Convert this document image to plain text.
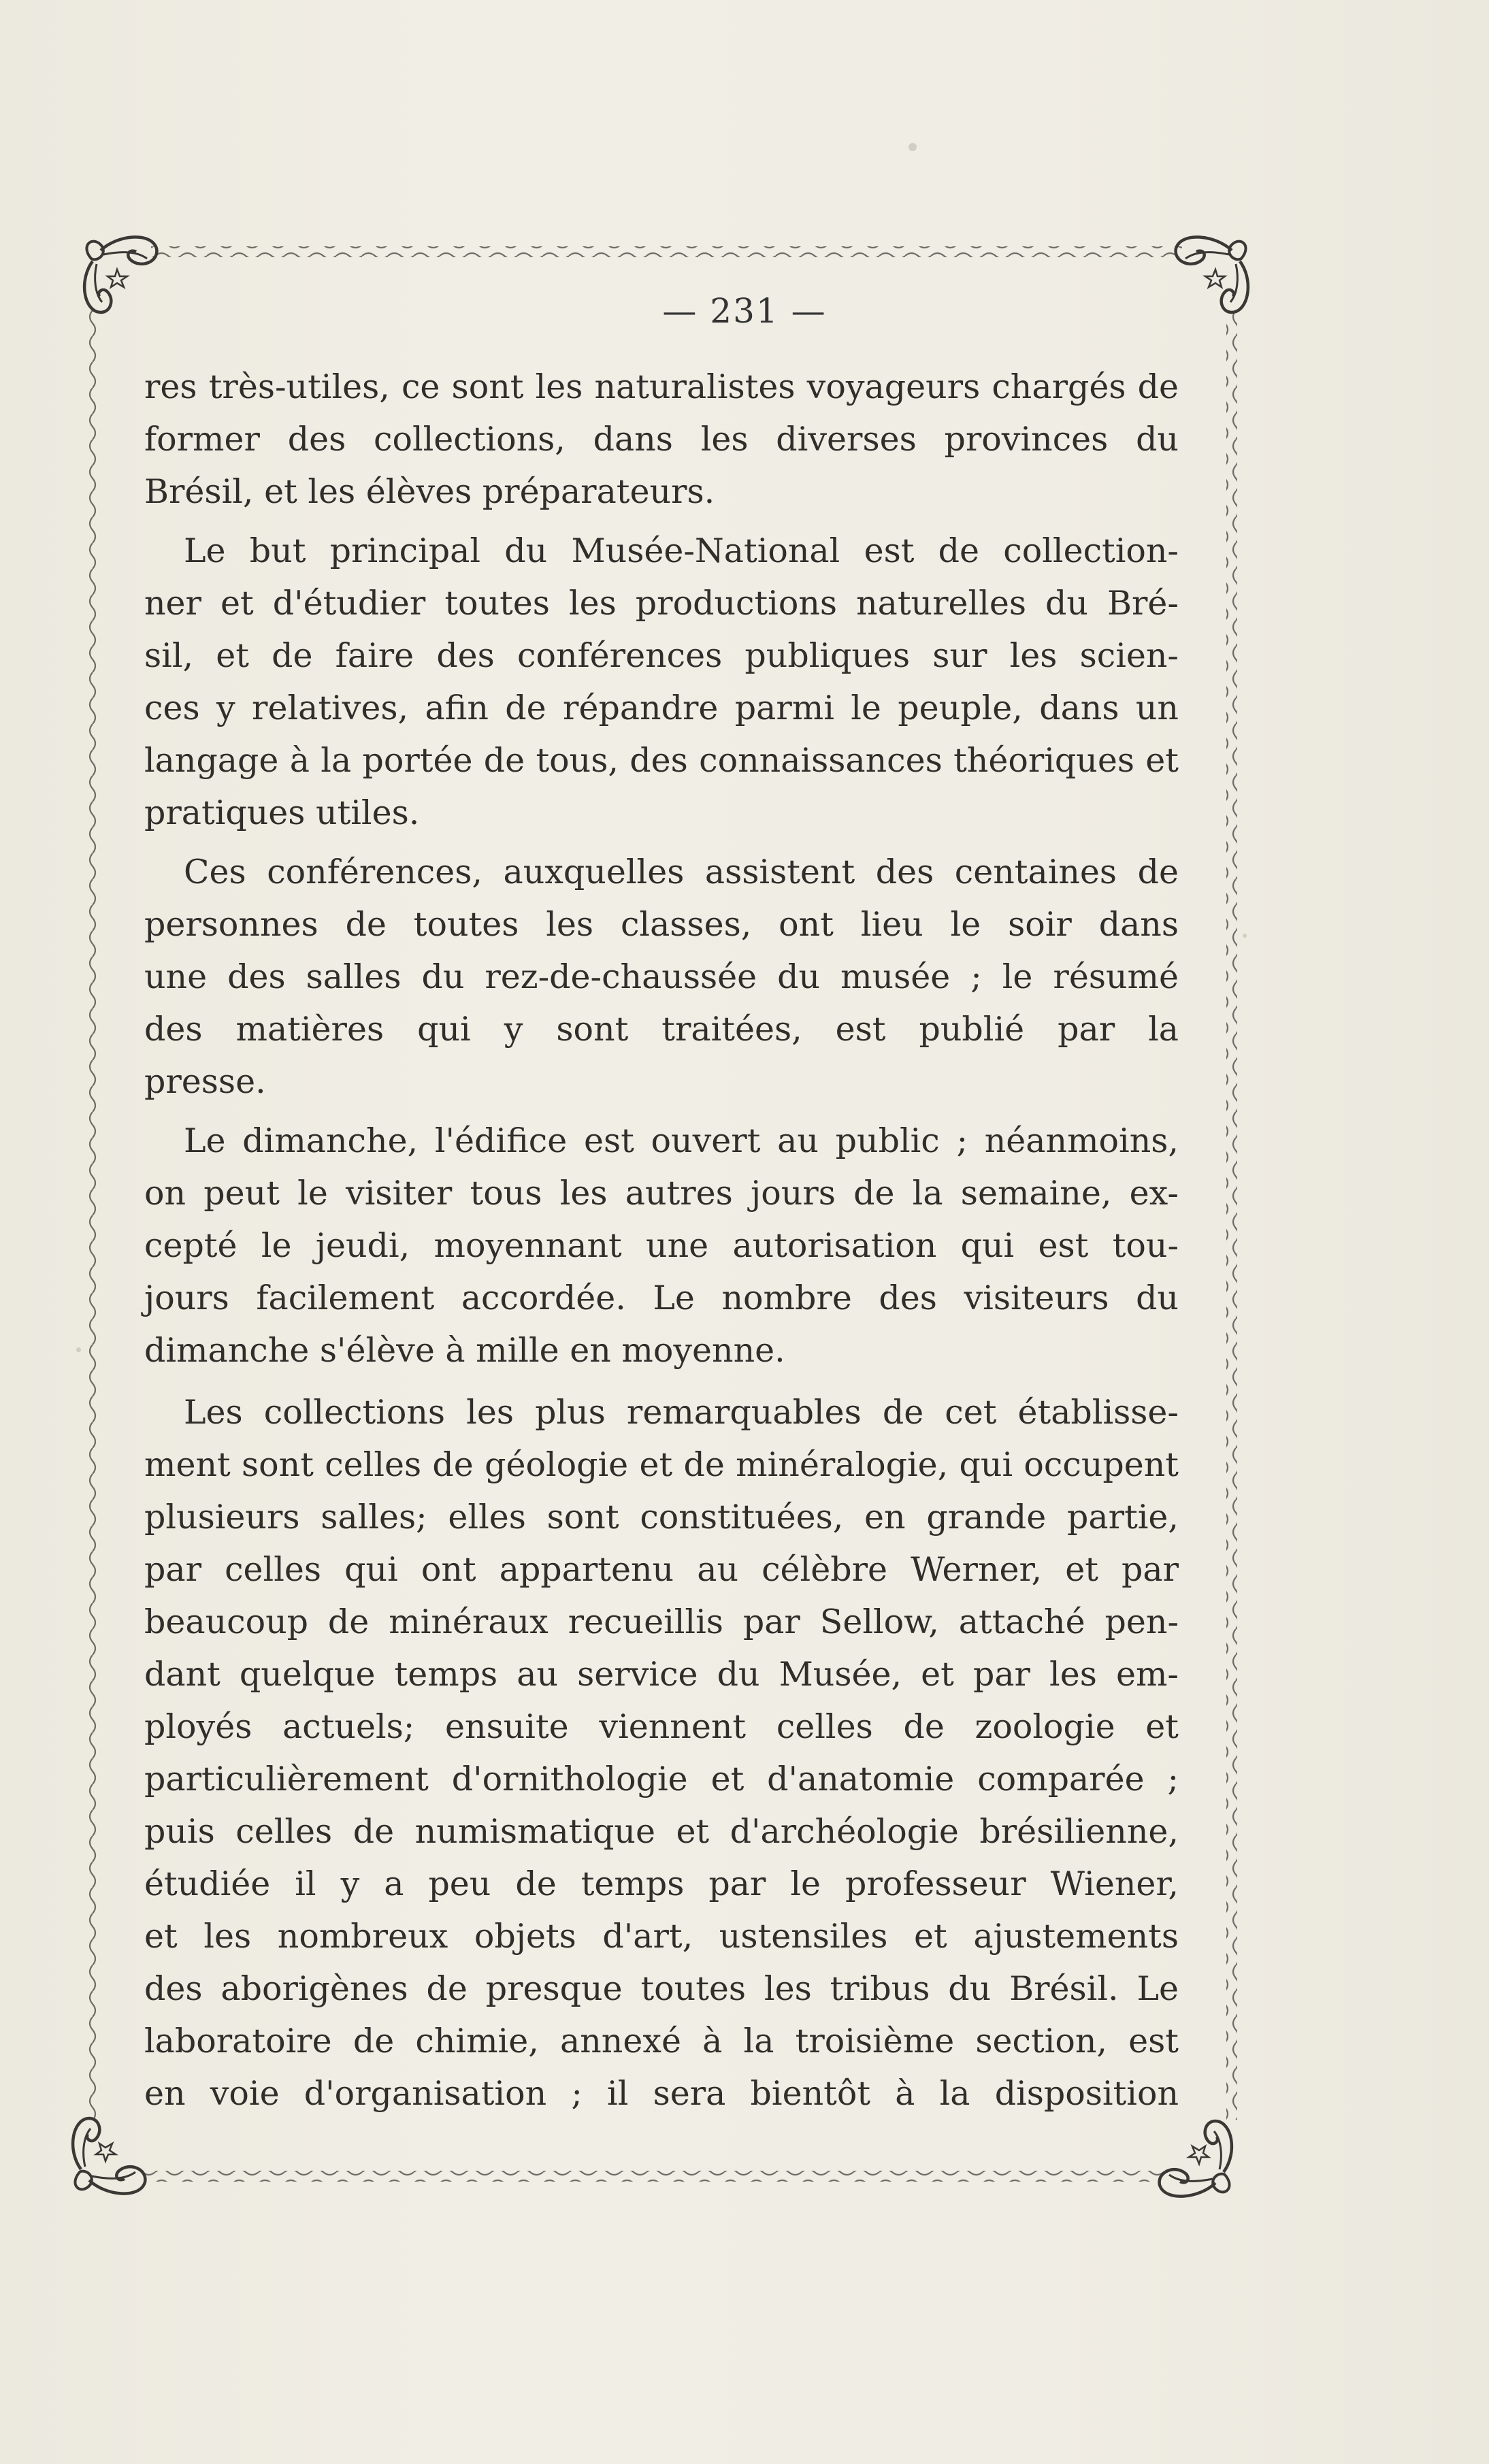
— 231 —
res très-utiles, ce sont les naturalistes voyageurs chargés de
former des collections, dans les diverses provinces du
Brésil, et les élèves préparateurs.
Le but principal du Musée-National est de collection-
ner et d'étudier toutes les productions naturelles du Bré-
sil, et de faire des conférences publiques sur les scien-
ces y relatives, afin de répandre parmi le peuple, dans un
langage à la portée de tous, des connaissances théoriques et
pratiques utiles.
Ces conférences, auxquelles assistent des centaines de
personnes de toutes les classes, ont lieu le soir dans
une des salles du rez-de-chaussée du musée ; le résumé
des matières qui y sont traitées, est publié par la
presse.
Le dimanche, l'édifice est ouvert au public ; néanmoins,
on peut le visiter tous les autres jours de la semaine, ex-
cepté le jeudi, moyennant une autorisation qui est tou-
jours facilement accordée. Le nombre des visiteurs du
dimanche s'élève à mille en moyenne.
Les collections les plus remarquables de cet établisse-
ment sont celles de géologie et de minéralogie, qui occupent
plusieurs salles; elles sont constituées, en grande partie,
par celles qui ont appartenu au célèbre Werner, et par
beaucoup de minéraux recueillis par Sellow, attaché pen-
dant quelque temps au service du Musée, et par les em-
ployés actuels; ensuite viennent celles de zoologie et
particulièrement d'ornithologie et d'anatomie comparée ;
puis celles de numismatique et d'archéologie brésilienne,
étudiée il y a peu de temps par le professeur Wiener,
et les nombreux objets d'art, ustensiles et ajustements
des aborigènes de presque toutes les tribus du Brésil. Le
laboratoire de chimie, annexé à la troisième section, est
en voie d'organisation ; il sera bientôt à la disposition
